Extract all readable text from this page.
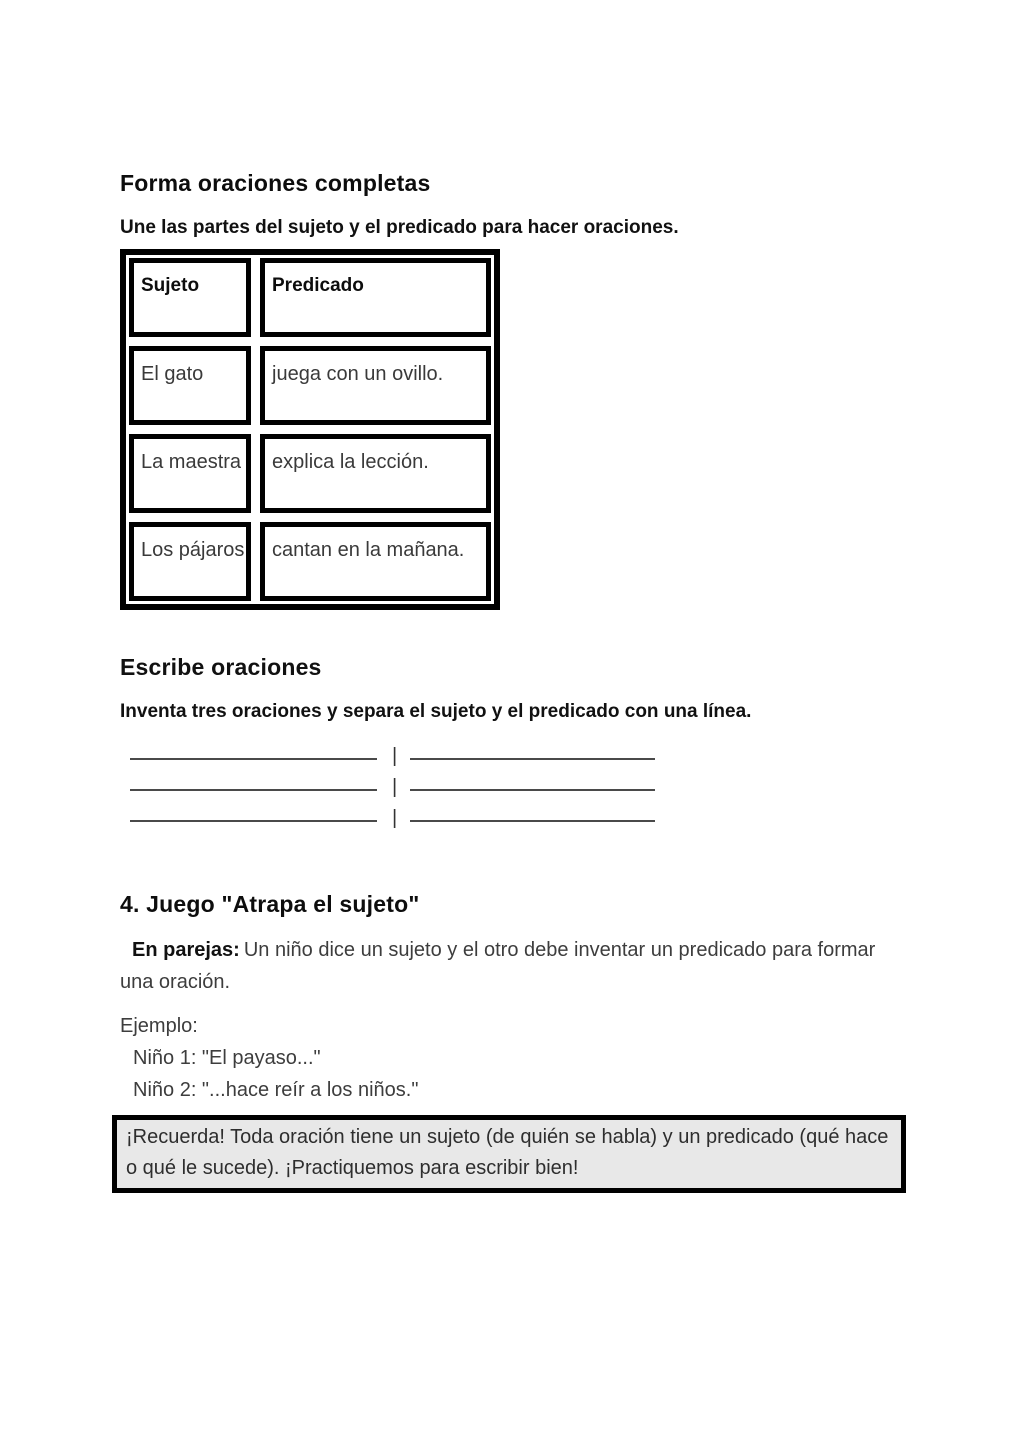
Forma oraciones completas

Une las partes del sujeto y el predicado para hacer oraciones.

Sujeto	Predicado
El gato	juega con un ovillo.
La maestra	explica la lección.
Los pájaros	cantan en la mañana.
Escribe oraciones

Inventa tres oraciones y separa el sujeto y el predicado con una línea.

|
|
|
4. Juego "Atrapa el sujeto"

En parejas: Un niño dice un sujeto y el otro debe inventar un predicado para formar una oración.

Ejemplo:
Niño 1: "El payaso..."
Niño 2: "...hace reír a los niños."
¡Recuerda! Toda oración tiene un sujeto (de quién se habla) y un predicado (qué hace o qué le sucede). ¡Practiquemos para escribir bien!
